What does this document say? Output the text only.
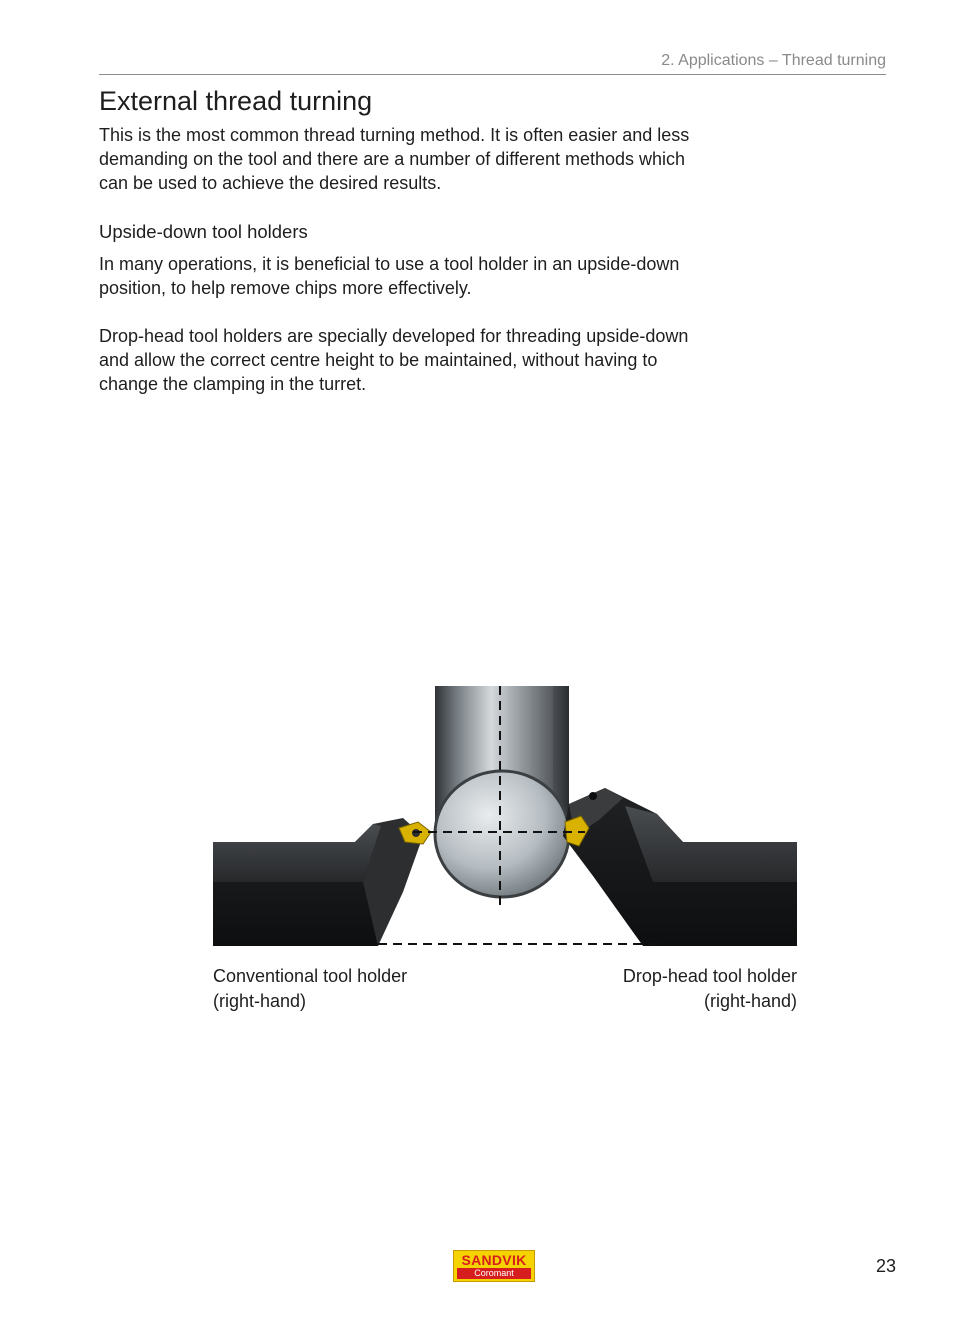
2. Applications – Thread turning
External thread turning

This is the most common thread turning method. It is often easier and less demanding on the tool and there are a number of different methods which can be used to achieve the desired results.

Upside-down tool holders

In many operations, it is beneficial to use a tool holder in an upside-down position, to help remove chips more effectively.

Drop-head tool holders are specially developed for threading upside-down and allow the correct centre height to be maintained, without having to change the clamping in the turret.

Conventional tool holder
(right-hand)

Drop-head tool holder
(right-hand)

SANDVIK
Coromant	23
